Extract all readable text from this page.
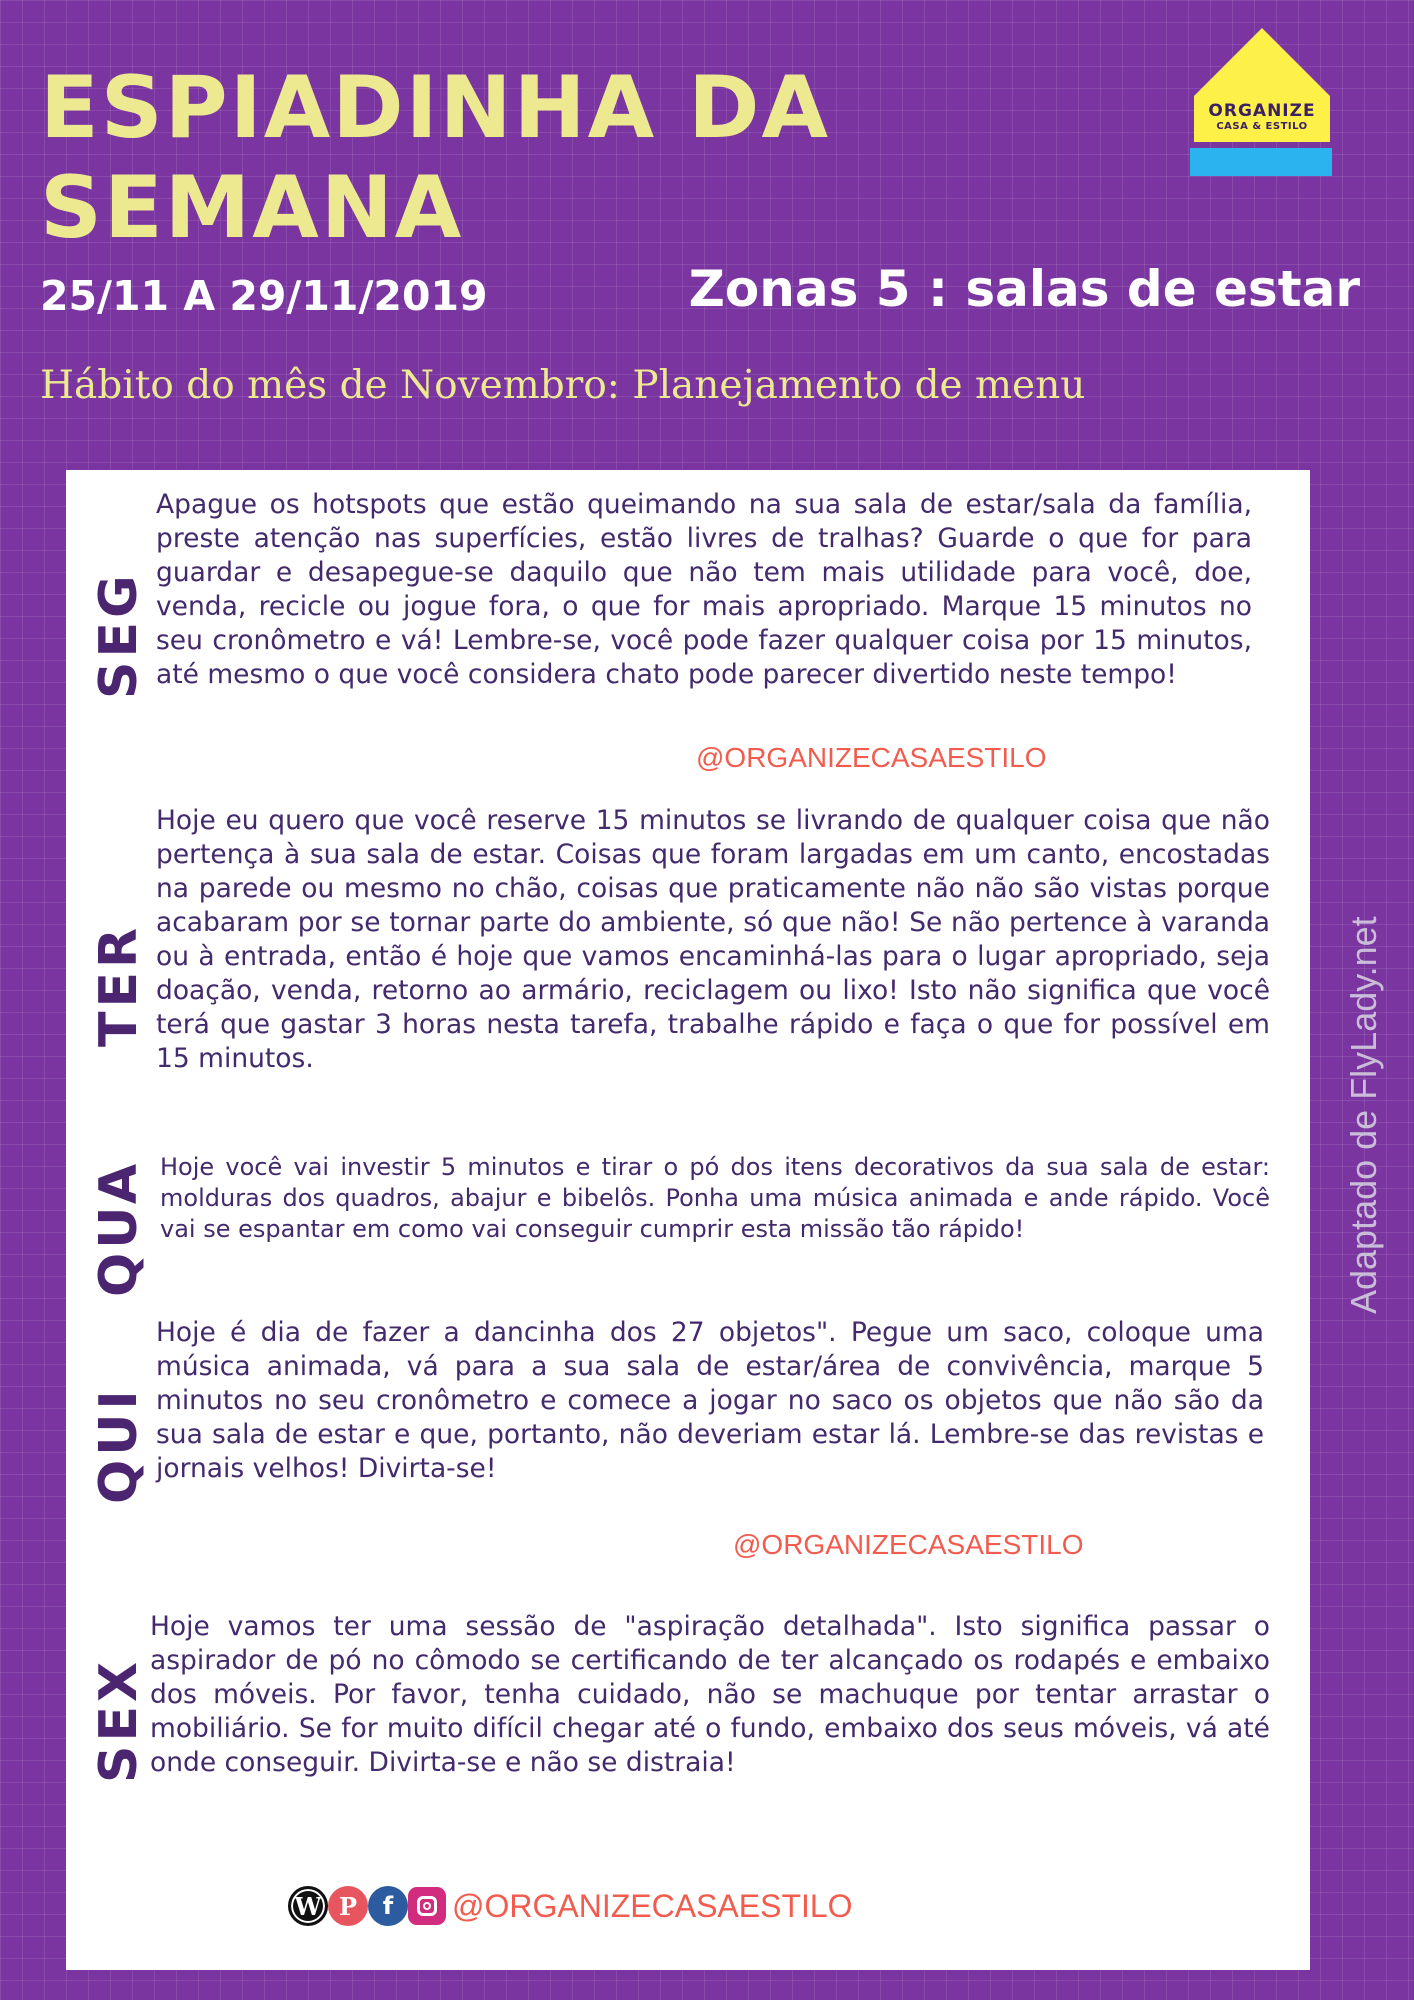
ESPIADINHA DA
SEMANA
ORGANIZE
CASA & ESTILO

25/11 A 29/11/2019	Zonas 5 : salas de estar

Hábito do mês de Novembro: Planejamento de menu

SEG

Apague os hotspots que estão queimando na sua sala de estar/sala da família, preste atenção nas superfícies, estão livres de tralhas? Guarde o que for para guardar e desapegue-se daquilo que não tem mais utilidade para você, doe, venda, recicle ou jogue fora, o que for mais apropriado. Marque 15 minutos no seu cronômetro e vá! Lembre-se, você pode fazer qualquer coisa por 15 minutos, até mesmo o que você considera chato pode parecer divertido neste tempo!

@ORGANIZECASAESTILO

TER

Hoje eu quero que você reserve 15 minutos se livrando de qualquer coisa que não pertença à sua sala de estar. Coisas que foram largadas em um canto, encostadas na parede ou mesmo no chão, coisas que praticamente não não são vistas porque acabaram por se tornar parte do ambiente, só que não! Se não pertence à varanda ou à entrada, então é hoje que vamos encaminhá-las para o lugar apropriado, seja doação, venda, retorno ao armário, reciclagem ou lixo! Isto não significa que você terá que gastar 3 horas nesta tarefa, trabalhe rápido e faça o que for possível em 15 minutos.

QUA Hoje você vai investir 5 minutos e tirar o pó dos itens decorativos da sua sala de estar: molduras dos quadros, abajur e bibelôs. Ponha uma música animada e ande rápido. Você vai se espantar em como vai conseguir cumprir esta missão tão rápido!

QUI

Hoje é dia de fazer a dancinha dos 27 objetos". Pegue um saco, coloque uma música animada, vá para a sua sala de estar/área de convivência, marque 5 minutos no seu cronômetro e comece a jogar no saco os objetos que não são da sua sala de estar e que, portanto, não deveriam estar lá. Lembre-se das revistas e jornais velhos! Divirta-se!

@ORGANIZECASAESTILO

SEX

Hoje vamos ter uma sessão de "aspiração detalhada". Isto significa passar o aspirador de pó no cômodo se certificando de ter alcançado os rodapés e embaixo dos móveis. Por favor, tenha cuidado, não se machuque por tentar arrastar o mobiliário. Se for muito difícil chegar até o fundo, embaixo dos seus móveis, vá até onde conseguir. Divirta-se e não se distraia!

W P	f	@ORGANIZECASAESTILO

Adaptado de FlyLady.net
